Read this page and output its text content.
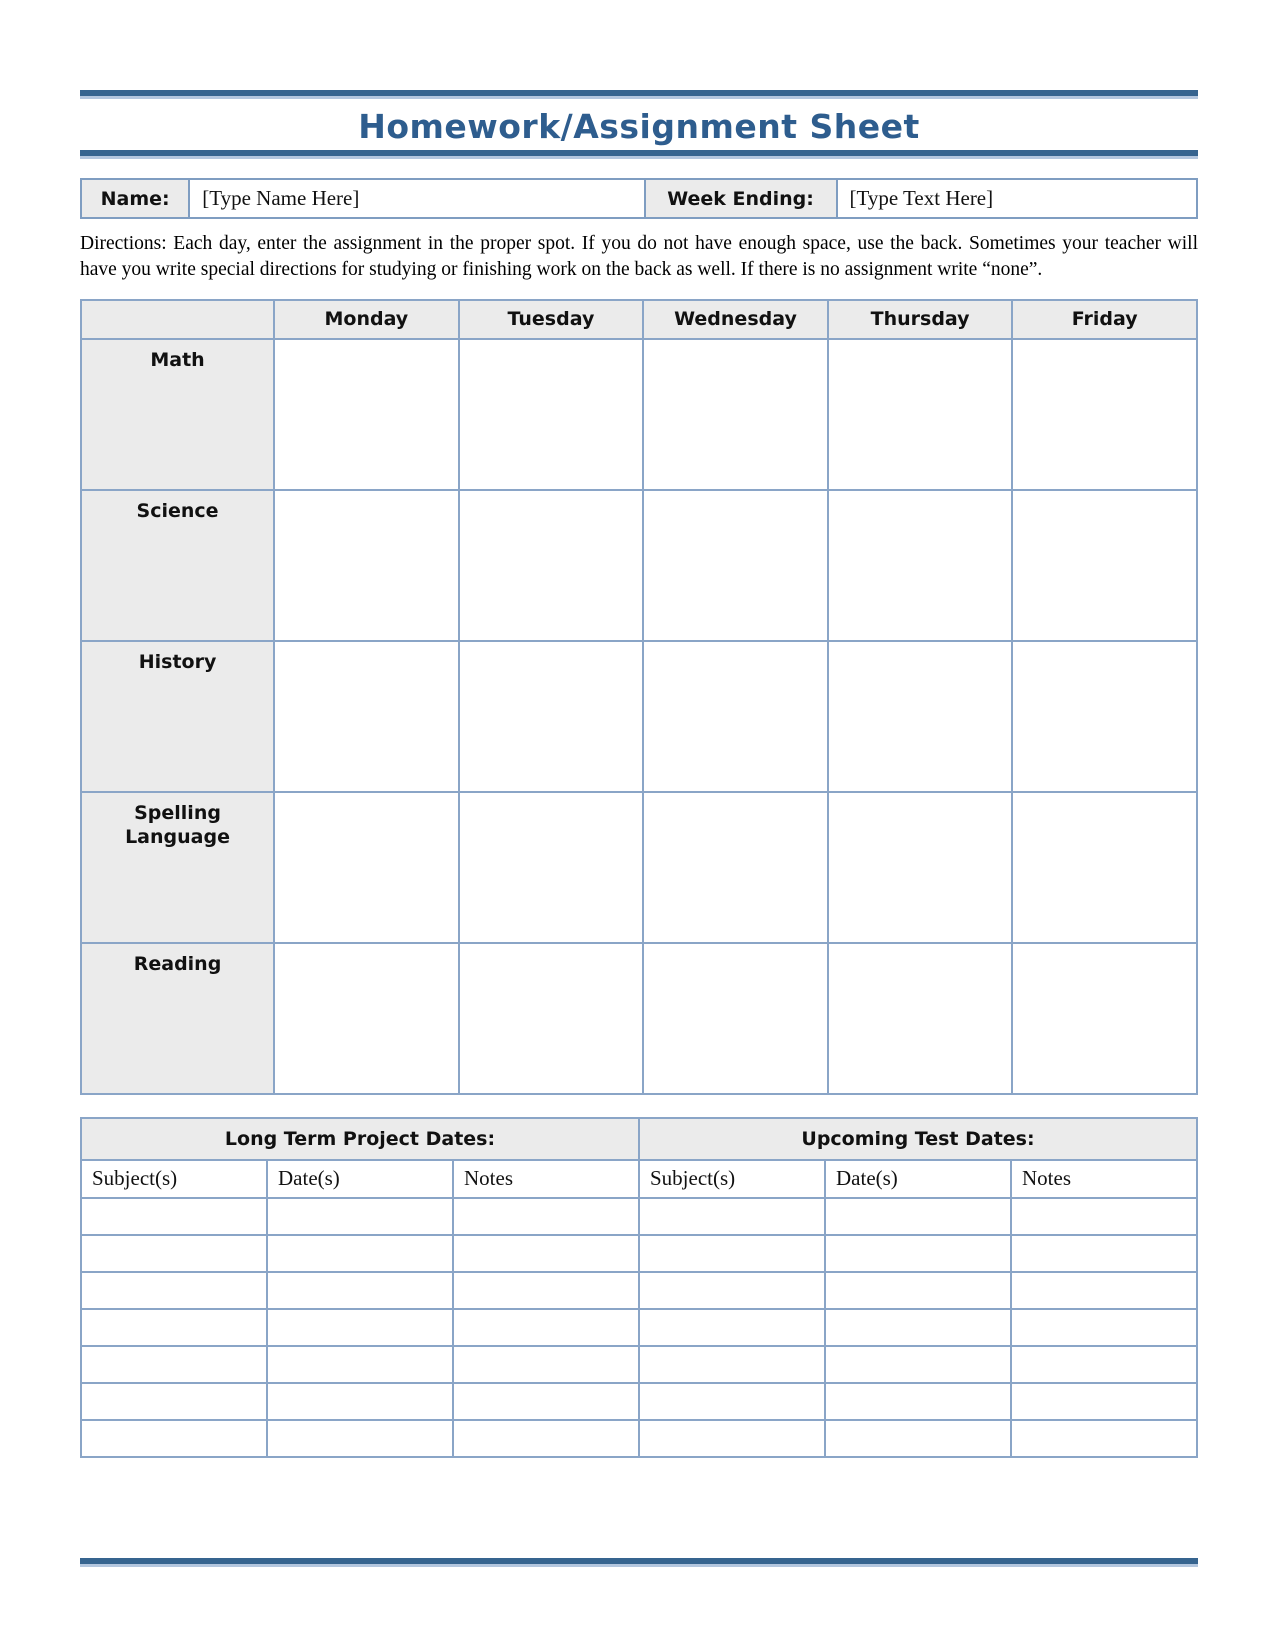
Homework/Assignment Sheet
Name:	[Type Name Here]	Week Ending:	[Type Text Here]

Directions: Each day, enter the assignment in the proper spot. If you do not have enough space, use the back. Sometimes your teacher will have you write special directions for studying or finishing work on the back as well. If there is no assignment write “none”.

	Monday	Tuesday	Wednesday	Thursday	Friday
Math					
Science					
History					
Spelling Language					
Reading					
Long Term Project Dates:			Upcoming Test Dates:		
Subject(s)	Date(s)	Notes	Subject(s)	Date(s)	Notes
